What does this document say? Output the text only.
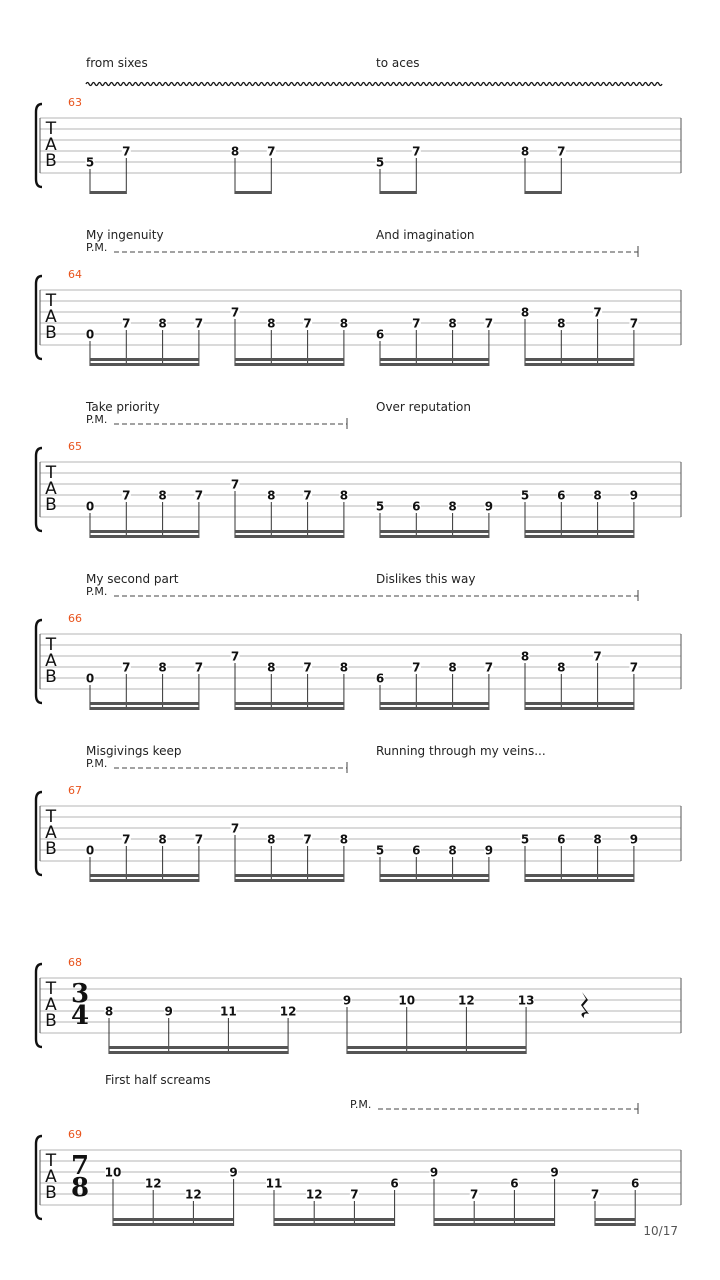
63
T
A
B
from sixes	to aces
5
7	8 7
5
7	8 7
64
T
A
B
My ingenuity	And imagination
P.M.
0
7 8 7
7
8 7 8
6
7 8 7
8
8
7
7
65
T
A
B
Take priority	Over reputation
P.M.
0
7 8 7
7
8 7 8
5 6 8 9
5 6 8 9
66
T
A
B
My second part	Dislikes this way
P.M.
0
7 8 7
7
8 7 8
6
7 8 7
8
8
7
7
67
T
A
B
Misgivings keep	Running through my veins...
P.M.
0
7 8 7
7
8 7 8
5 6 8 9
5 6 8 9
68
T
A
B
3
4 8	9	11	12
9	10	12	13
69
T
A
B
First half screams
P.M.
7
8
10
12
12
9
11
12 7
6
9
7
6
9
7
6
10/17
